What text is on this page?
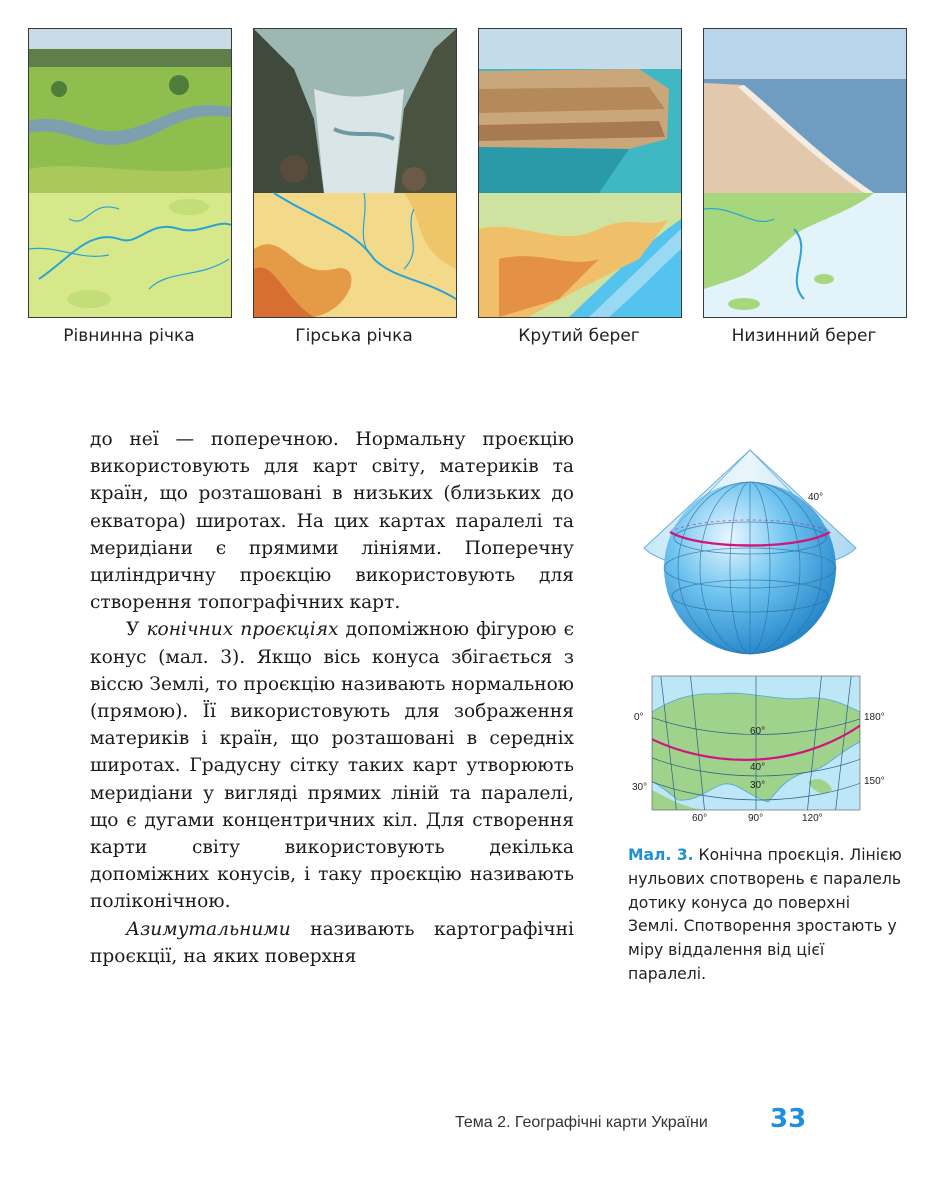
Рівнинна річка	Гірська річка	Крутий берег	Низинний берег

до неї — поперечною. Нормальну проєкцію використовують для карт світу, материків та країн, що розташовані в низьких (близьких до екватора) широтах. На цих картах паралелі та меридіани є прямими лініями. Поперечну циліндричну проєкцію використовують для створення топографічних карт.

У конічних проєкціях допоміжною фігурою є конус (мал. 3). Якщо вісь конуса збігається з віссю Землі, то проєкцію називають нормальною (прямою). Її використовують для зображення материків і країн, що розташовані в середніх широтах. Градусну сітку таких карт утворюють меридіани у вигляді прямих ліній та паралелі, що є дугами концентричних кіл. Для створення карти світу використовують декілька допоміжних конусів, і таку проєкцію називають поліконічною.

Азимутальними називають картографічні проєкції, на яких поверхня

40°
0°	180°
150°
30°
60°
40°
30°
60°	90°	120°
Мал. 3. Конічна проєкція. Лінією нульових спотворень є паралель дотику конуса до поверхні Землі. Спотворення зростають у міру віддалення від цієї паралелі.
Тема 2. Географічні карти України 33
